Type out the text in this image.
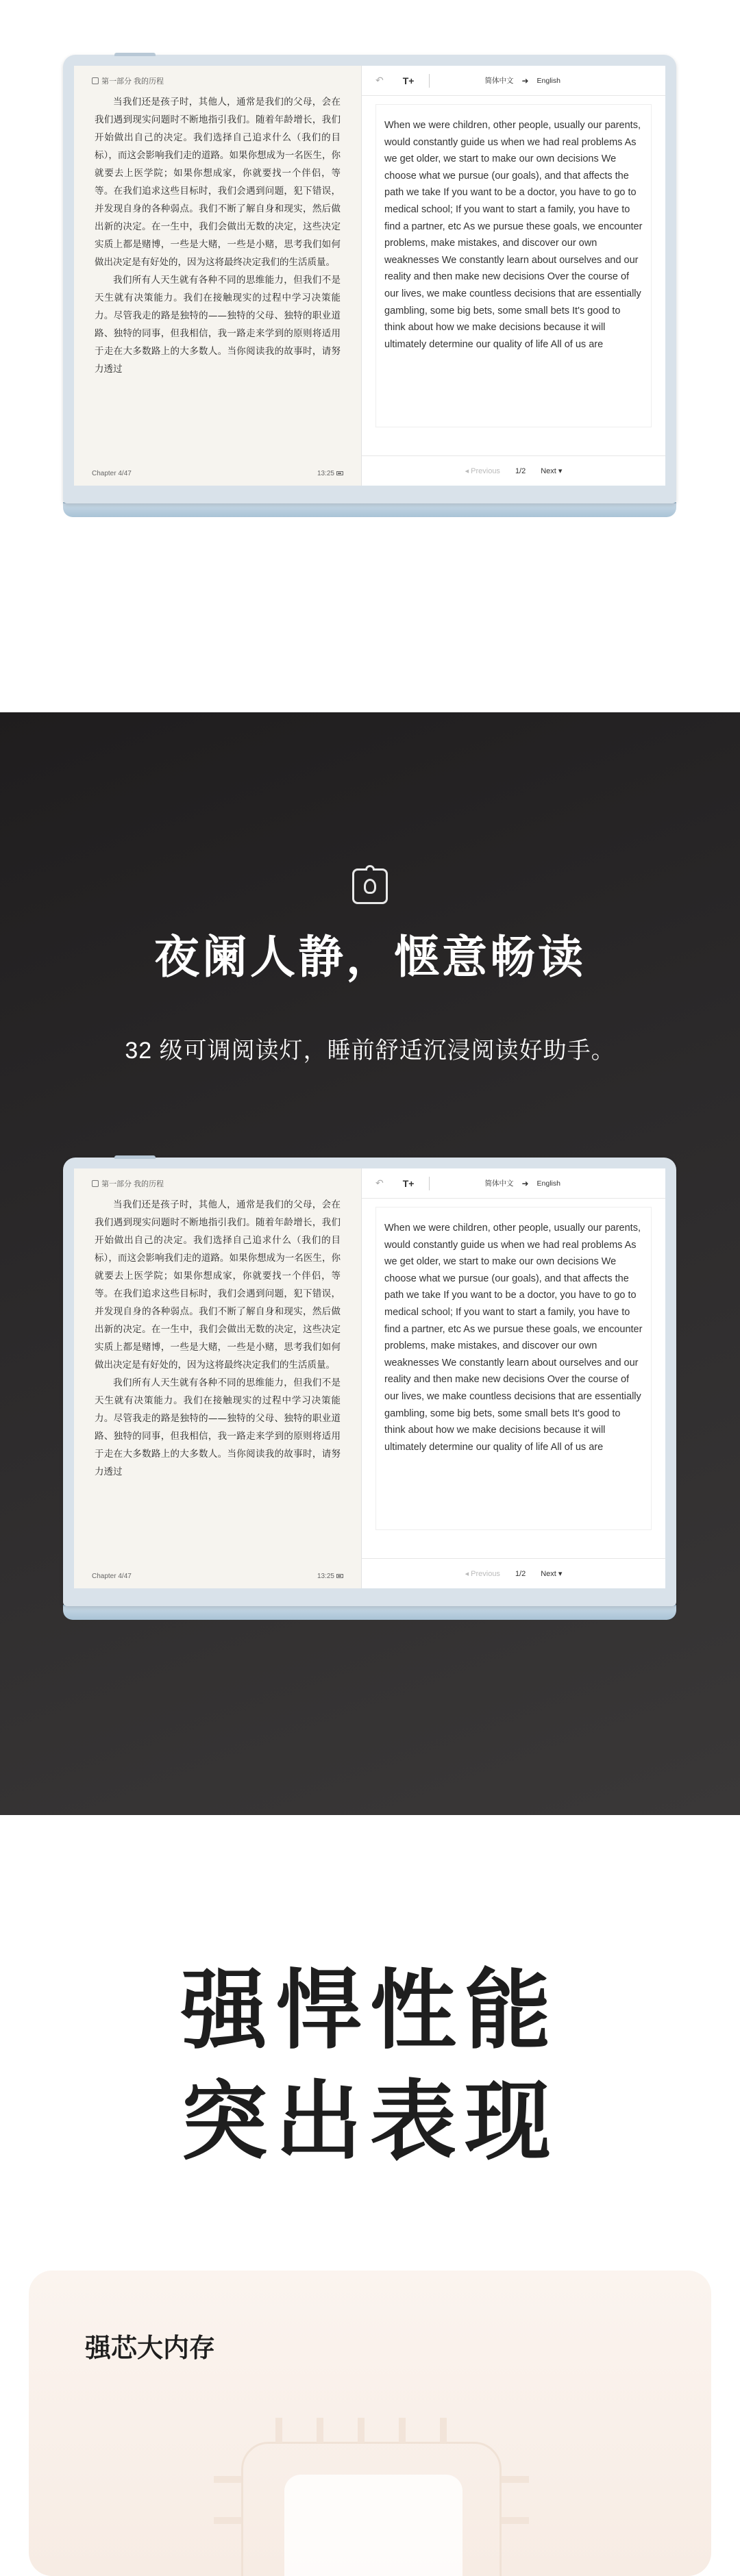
第一部分 我的历程

当我们还是孩子时，其他人，通常是我们的父母，会在我们遇到现实问题时不断地指引我们。随着年龄增长，我们开始做出自己的决定。我们选择自己追求什么（我们的目标），而这会影响我们走的道路。如果你想成为一名医生，你就要去上医学院；如果你想成家，你就要找一个伴侣，等等。在我们追求这些目标时，我们会遇到问题，犯下错误，并发现自身的各种弱点。我们不断了解自身和现实，然后做出新的决定。在一生中，我们会做出无数的决定，这些决定实质上都是赌博，一些是大赌，一些是小赌，思考我们如何做出决定是有好处的，因为这将最终决定我们的生活质量。

我们所有人天生就有各种不同的思维能力，但我们不是天生就有决策能力。我们在接触现实的过程中学习决策能力。尽管我走的路是独特的——独特的父母、独特的职业道路、独特的同事，但我相信，我一路走来学到的原则将适用于走在大多数路上的大多数人。当你阅读我的故事时，请努力透过

Chapter 4/47	13:25
↶ T+	简体中文 ➜ English
When we were children, other people, usually our parents, would constantly guide us when we had real problems As we get older, we start to make our own decisions We choose what we pursue (our goals), and that affects the path we take If you want to be a doctor, you have to go to medical school; If you want to start a family, you have to find a partner, etc As we pursue these goals, we encounter problems, make mistakes, and discover our own weaknesses We constantly learn about ourselves and our reality and then make new decisions Over the course of our lives, we make countless decisions that are essentially gambling, some big bets, some small bets It's good to think about how we make decisions because it will ultimately determine our quality of life All of us are
◂ Previous 1/2 Next ▾
夜阑人静，惬意畅读
32 级可调阅读灯，睡前舒适沉浸阅读好助手。
第一部分 我的历程

当我们还是孩子时，其他人，通常是我们的父母，会在我们遇到现实问题时不断地指引我们。随着年龄增长，我们开始做出自己的决定。我们选择自己追求什么（我们的目标），而这会影响我们走的道路。如果你想成为一名医生，你就要去上医学院；如果你想成家，你就要找一个伴侣，等等。在我们追求这些目标时，我们会遇到问题，犯下错误，并发现自身的各种弱点。我们不断了解自身和现实，然后做出新的决定。在一生中，我们会做出无数的决定，这些决定实质上都是赌博，一些是大赌，一些是小赌，思考我们如何做出决定是有好处的，因为这将最终决定我们的生活质量。

我们所有人天生就有各种不同的思维能力，但我们不是天生就有决策能力。我们在接触现实的过程中学习决策能力。尽管我走的路是独特的——独特的父母、独特的职业道路、独特的同事，但我相信，我一路走来学到的原则将适用于走在大多数路上的大多数人。当你阅读我的故事时，请努力透过

Chapter 4/47	13:25
↶ T+	简体中文 ➜ English
When we were children, other people, usually our parents, would constantly guide us when we had real problems As we get older, we start to make our own decisions We choose what we pursue (our goals), and that affects the path we take If you want to be a doctor, you have to go to medical school; If you want to start a family, you have to find a partner, etc As we pursue these goals, we encounter problems, make mistakes, and discover our own weaknesses We constantly learn about ourselves and our reality and then make new decisions Over the course of our lives, we make countless decisions that are essentially gambling, some big bets, some small bets It's good to think about how we make decisions because it will ultimately determine our quality of life All of us are
◂ Previous 1/2 Next ▾
强悍性能
突出表现
强芯大内存
